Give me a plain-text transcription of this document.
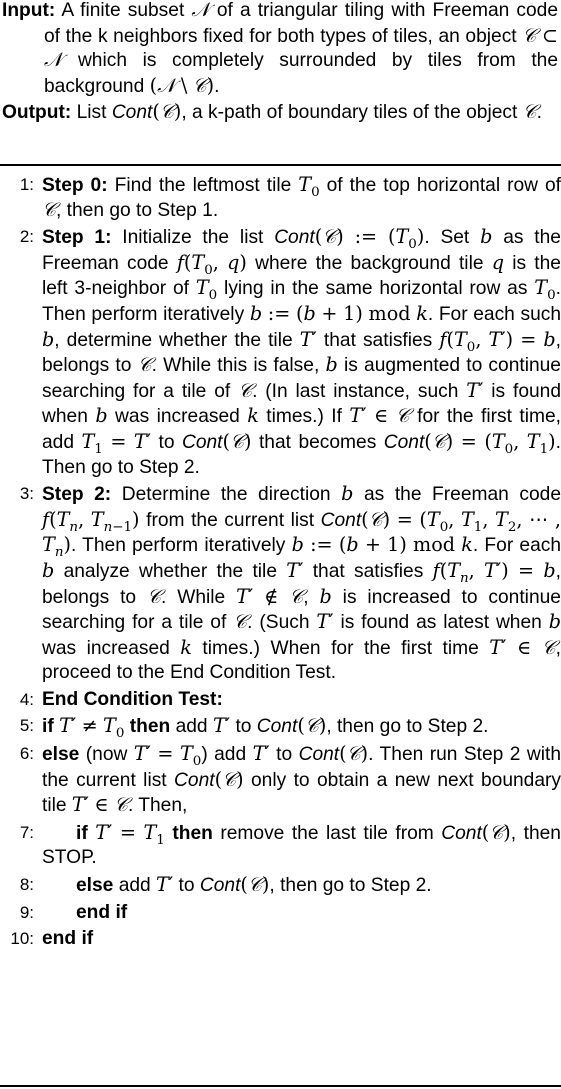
Input: A finite subset 𝒩 of a triangular tiling with Freeman code of the k neighbors fixed for both types of tiles, an object 𝒞 ⊂ 𝒩 which is completely surrounded by tiles from the background (𝒩 \ 𝒞).
Output: List Cont(𝒞), a k-path of boundary tiles of the object 𝒞.
1: Step 0: Find the leftmost tile $T_0$ of the top horizontal row of 𝒞, then go to Step 1.
2: Step 1: Initialize the list Cont(𝒞) := $(T_0)$. Set b as the Freeman code $f(T_0$, q) where the background tile q is the left 3-neighbor of $T_0$ lying in the same horizontal row as $T_0$. Then perform iteratively b := (b + 1) mod k. For each such b, determine whether the tile T′ that satisfies $f(T_0$, T′) = b, belongs to 𝒞. While this is false, b is augmented to continue searching for a tile of 𝒞. (In last instance, such T′ is found when b was increased k times.) If T′ ∈ 𝒞 for the first time, add $T_1 = T'$ to Cont(𝒞) that becomes Cont(𝒞) = ($T_0$, $T_1$). Then go to Step 2.
3: Step 2: Determine the direction b as the Freeman code $f(T_n$, $T_{n-1}$) from the current list Cont(𝒞) = ($T_0$, $T_1$, $T_2$, ⋯ , $T_n$). Then perform iteratively b := (b + 1) mod k. For each b analyze whether the tile T′ that satisfies $f(T_n$, T′) = b, belongs to 𝒞. While T′ ∉ 𝒞, b is increased to continue searching for a tile of 𝒞. (Such T′ is found as latest when b was increased k times.) When for the first time T′ ∈ 𝒞, proceed to the End Condition Test.
4: End Condition Test:
5: if $T' \ne T_0$ then add T′ to Cont(𝒞), then go to Step 2.
6: else (now $T' = T_0$) add T′ to Cont(𝒞). Then run Step 2 with the current list Cont(𝒞) only to obtain a new next boundary tile T′ ∈ 𝒞. Then,
7: if $T' = T_1$ then remove the last tile from Cont(𝒞), then STOP.
8: else add T′ to Cont(𝒞), then go to Step 2.
9: end if
10: end if
